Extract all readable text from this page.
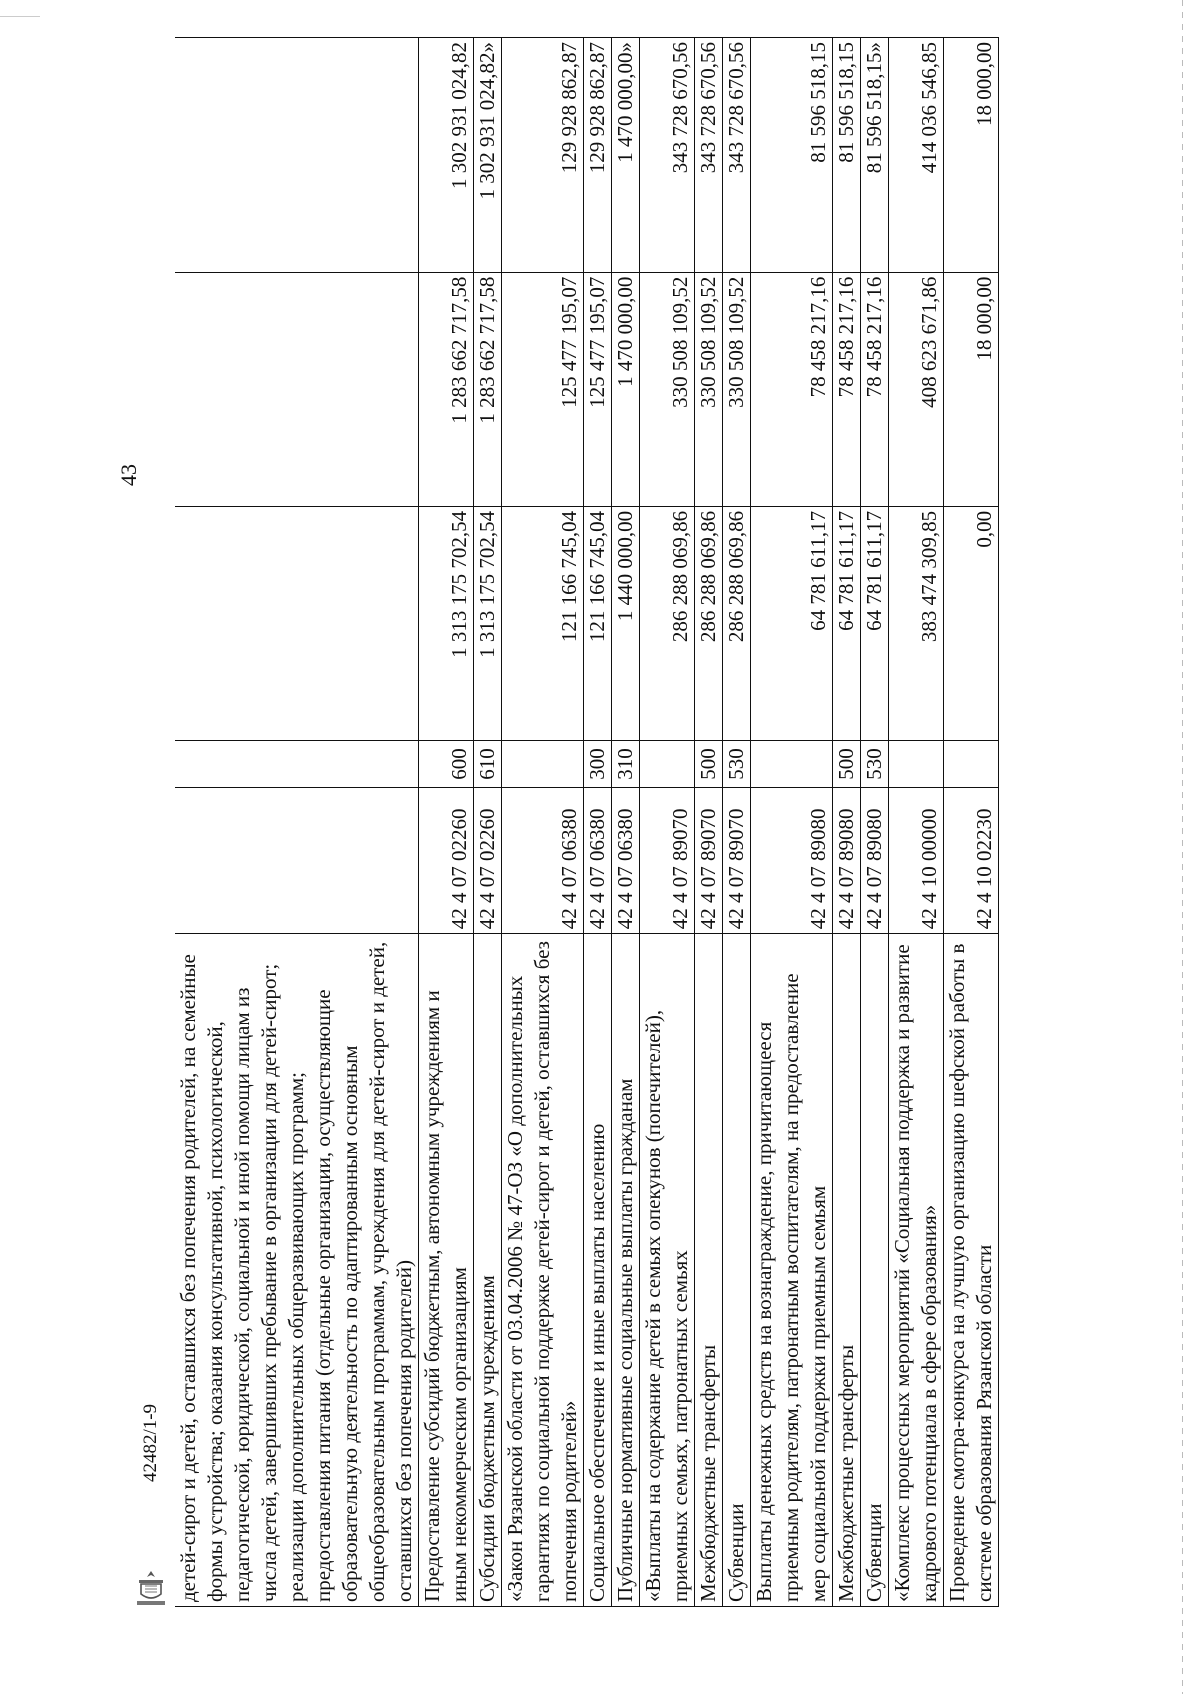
43
детей-сирот и детей, оставшихся без попечения родителей, на семейные формы устройства; оказания консультативной, психологической, педагогической, юридической, социальной и иной помощи лицам из числа детей, завершивших пребывание в организации для детей-сирот; реализации дополнительных общеразвивающих программ; предоставления питания (отдельные организации, осуществляющие образовательную деятельность по адаптированным основным общеобразовательным программам, учреждения для детей-сирот и детей, оставшихся без попечения родителей)					
Предоставление субсидий бюджетным, автономным учреждениям и иным некоммерческим организациям	42 4 07 02260	600	1 313 175 702,54	1 283 662 717,58	1 302 931 024,82
Субсидии бюджетным учреждениям	42 4 07 02260	610	1 313 175 702,54	1 283 662 717,58	1 302 931 024,82»
«Закон Рязанской области от 03.04.2006 № 47-ОЗ «О дополнительных гарантиях по социальной поддержке детей-сирот и детей, оставшихся без попечения родителей»	42 4 07 06380		121 166 745,04	125 477 195,07	129 928 862,87
Социальное обеспечение и иные выплаты населению	42 4 07 06380	300	121 166 745,04	125 477 195,07	129 928 862,87
Публичные нормативные социальные выплаты гражданам	42 4 07 06380	310	1 440 000,00	1 470 000,00	1 470 000,00»
«Выплаты на содержание детей в семьях опекунов (попечителей), приемных семьях, патронатных семьях	42 4 07 89070		286 288 069,86	330 508 109,52	343 728 670,56
Межбюджетные трансферты	42 4 07 89070	500	286 288 069,86	330 508 109,52	343 728 670,56
Субвенции	42 4 07 89070	530	286 288 069,86	330 508 109,52	343 728 670,56
Выплаты денежных средств на вознаграждение, причитающееся приемным родителям, патронатным воспитателям, на предоставление мер социальной поддержки приемным семьям	42 4 07 89080		64 781 611,17	78 458 217,16	81 596 518,15
Межбюджетные трансферты	42 4 07 89080	500	64 781 611,17	78 458 217,16	81 596 518,15
Субвенции	42 4 07 89080	530	64 781 611,17	78 458 217,16	81 596 518,15»
«Комплекс процессных мероприятий «Социальная поддержка и развитие кадрового потенциала в сфере образования»	42 4 10 00000		383 474 309,85	408 623 671,86	414 036 546,85
Проведение смотра-конкурса на лучшую организацию шефской работы в системе образования Рязанской области	42 4 10 02230		0,00	18 000,00	18 000,00
42482/1-9
